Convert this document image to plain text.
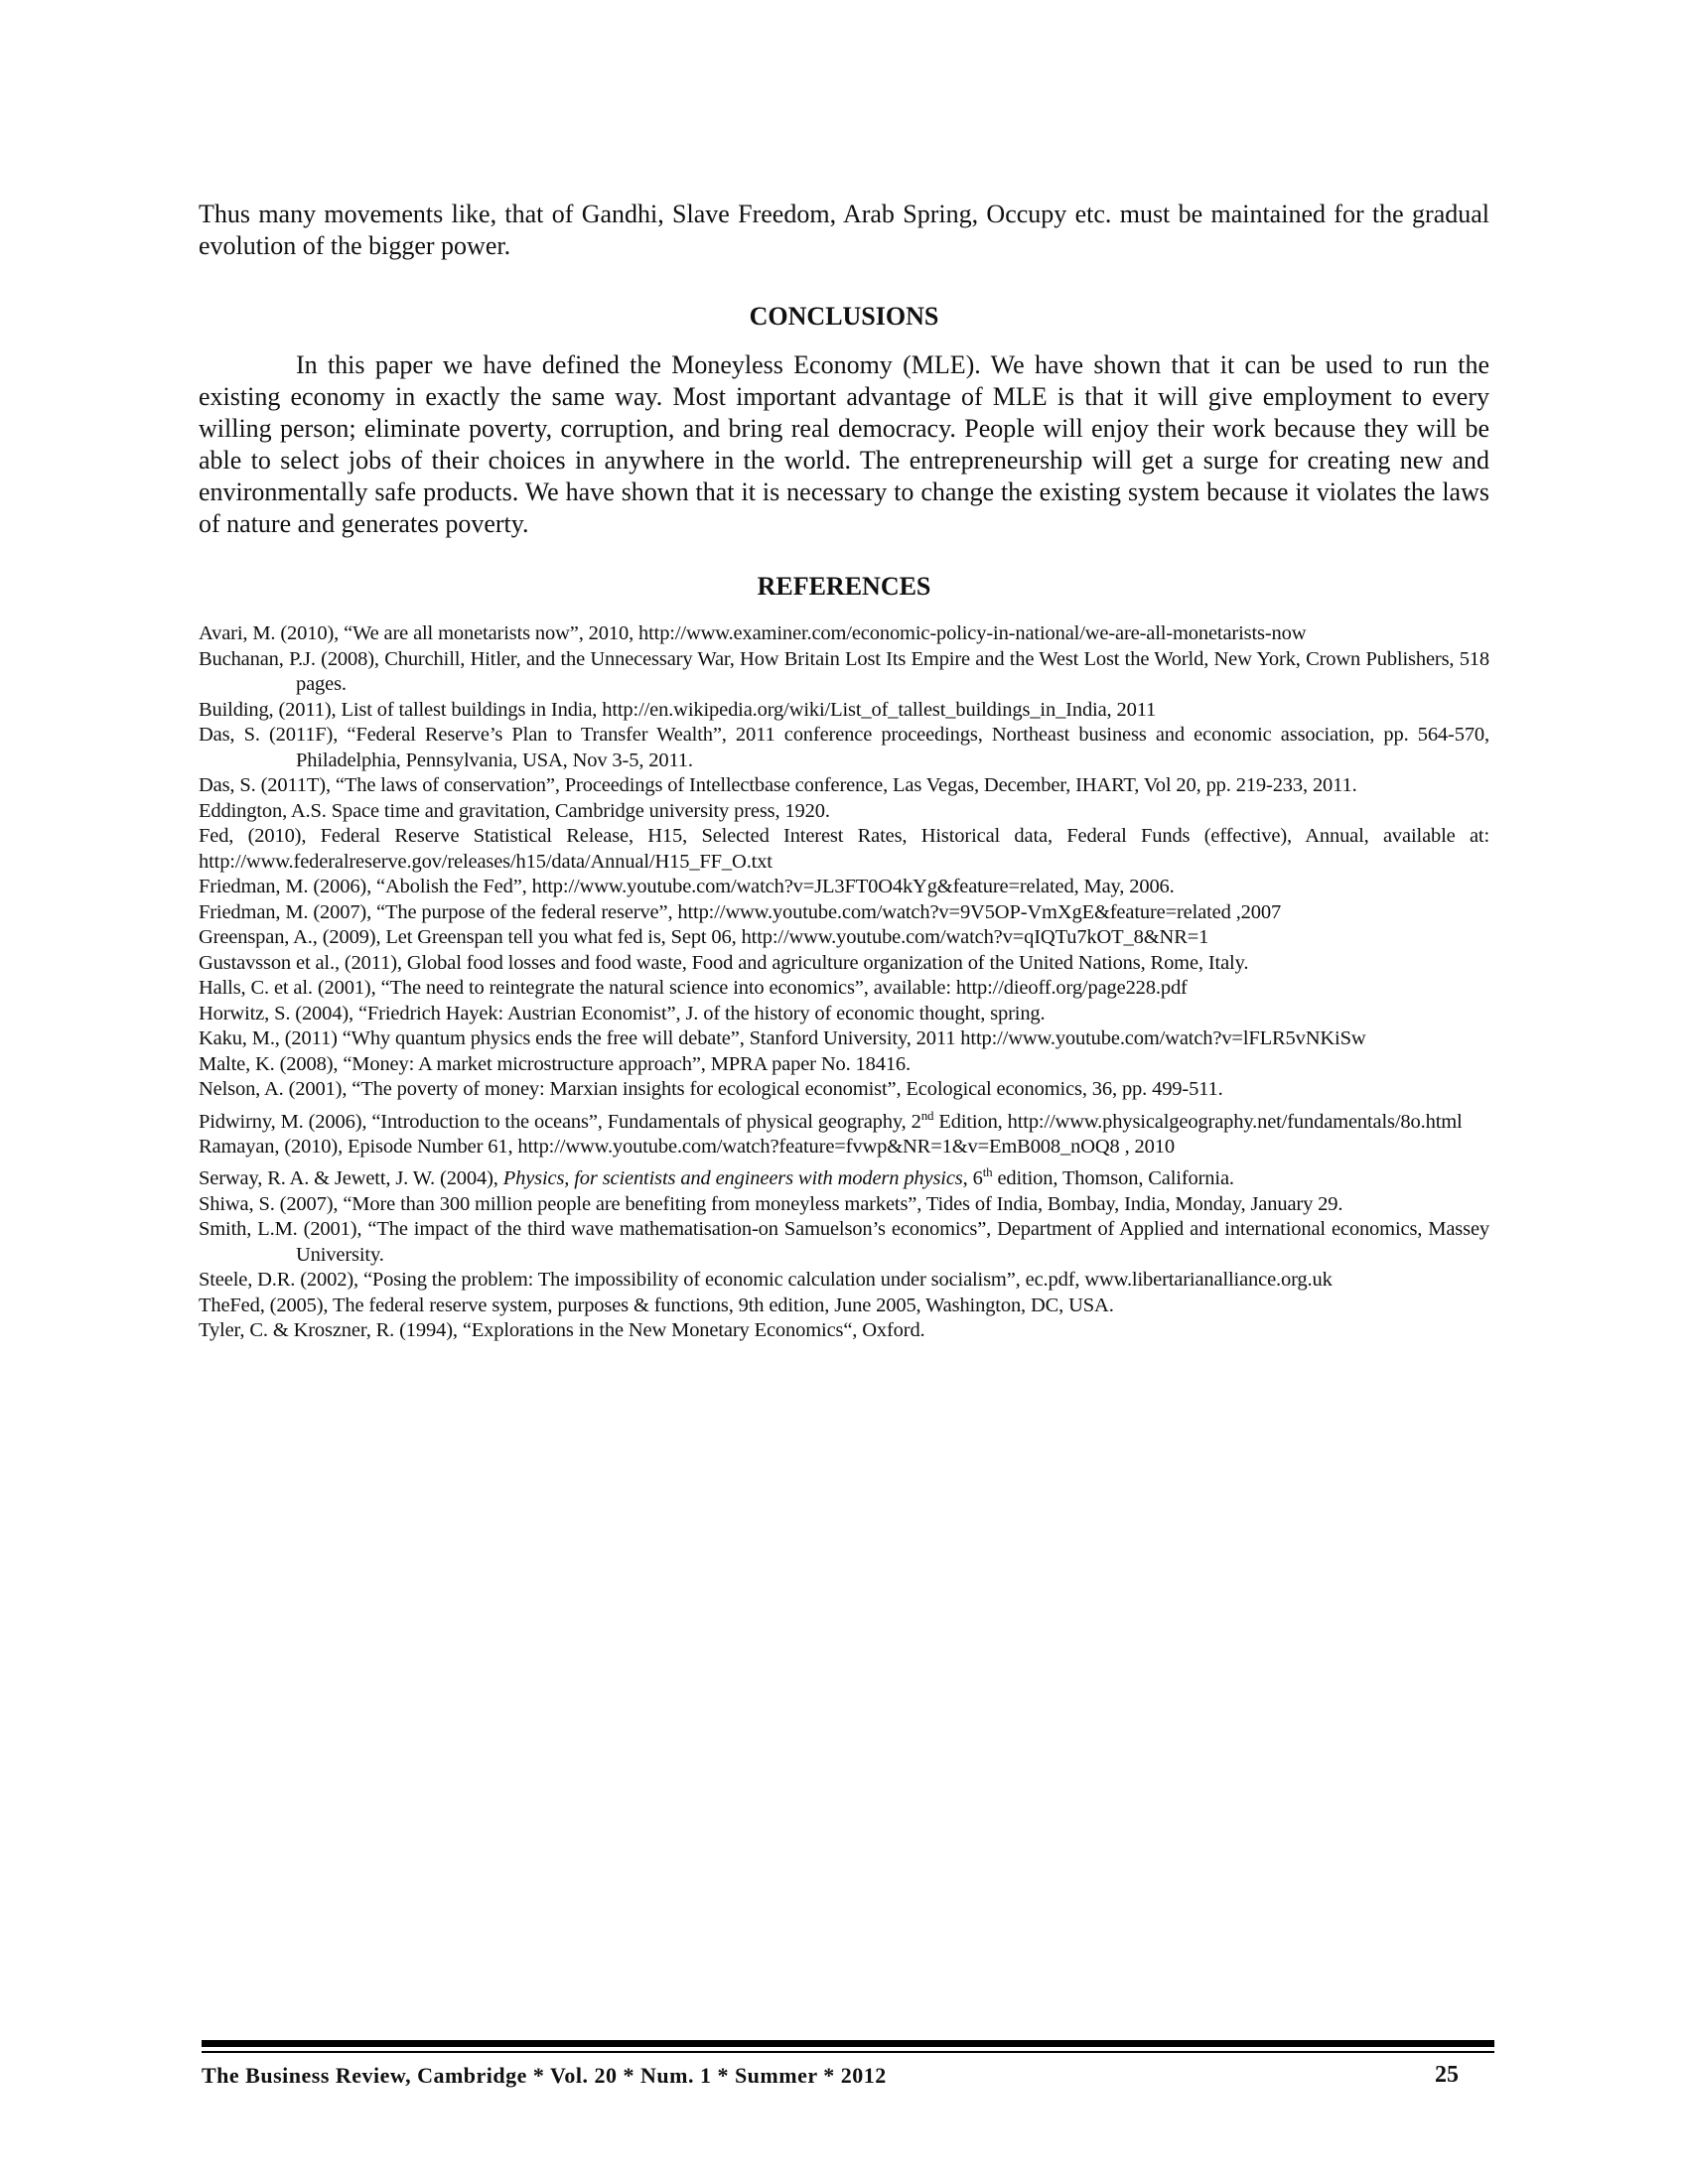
Thus many movements like, that of Gandhi, Slave Freedom, Arab Spring, Occupy etc. must be maintained for the gradual evolution of the bigger power.

CONCLUSIONS

In this paper we have defined the Moneyless Economy (MLE). We have shown that it can be used to run the existing economy in exactly the same way. Most important advantage of MLE is that it will give employment to every willing person; eliminate poverty, corruption, and bring real democracy. People will enjoy their work because they will be able to select jobs of their choices in anywhere in the world. The entrepreneurship will get a surge for creating new and environmentally safe products. We have shown that it is necessary to change the existing system because it violates the laws of nature and generates poverty.

REFERENCES
Avari, M. (2010), “We are all monetarists now”, 2010, http://www.examiner.com/economic-policy-in-national/we-are-all-monetarists-now
Buchanan, P.J. (2008), Churchill, Hitler, and the Unnecessary War, How Britain Lost Its Empire and the West Lost the World, New York, Crown Publishers, 518 pages.
Building, (2011), List of tallest buildings in India, http://en.wikipedia.org/wiki/List_of_tallest_buildings_in_India, 2011
Das, S. (2011F), “Federal Reserve’s Plan to Transfer Wealth”, 2011 conference proceedings, Northeast business and economic association, pp. 564-570, Philadelphia, Pennsylvania, USA, Nov 3-5, 2011.
Das, S. (2011T), “The laws of conservation”, Proceedings of Intellectbase conference, Las Vegas, December, IHART, Vol 20, pp. 219-233, 2011.
Eddington, A.S. Space time and gravitation, Cambridge university press, 1920.
Fed, (2010), Federal Reserve Statistical Release, H15, Selected Interest Rates, Historical data, Federal Funds (effective), Annual, available at: http://www.federalreserve.gov/releases/h15/data/Annual/H15_FF_O.txt
Friedman, M. (2006), “Abolish the Fed”, http://www.youtube.com/watch?v=JL3FT0O4kYg&feature=related, May, 2006.
Friedman, M. (2007), “The purpose of the federal reserve”, http://www.youtube.com/watch?v=9V5OP-VmXgE&feature=related ,2007
Greenspan, A., (2009), Let Greenspan tell you what fed is, Sept 06, http://www.youtube.com/watch?v=qIQTu7kOT_8&NR=1
Gustavsson et al., (2011), Global food losses and food waste, Food and agriculture organization of the United Nations, Rome, Italy.
Halls, C. et al. (2001), “The need to reintegrate the natural science into economics”, available: http://dieoff.org/page228.pdf
Horwitz, S. (2004), “Friedrich Hayek: Austrian Economist”, J. of the history of economic thought, spring.
Kaku, M., (2011) “Why quantum physics ends the free will debate”, Stanford University, 2011 http://www.youtube.com/watch?v=lFLR5vNKiSw
Malte, K. (2008), “Money: A market microstructure approach”, MPRA paper No. 18416.
Nelson, A. (2001), “The poverty of money: Marxian insights for ecological economist”, Ecological economics, 36, pp. 499-511.
Pidwirny, M. (2006), “Introduction to the oceans”, Fundamentals of physical geography, 2nd Edition, http://www.physicalgeography.net/fundamentals/8o.html
Ramayan, (2010), Episode Number 61, http://www.youtube.com/watch?feature=fvwp&NR=1&v=EmB008_nOQ8 , 2010
Serway, R. A. & Jewett, J. W. (2004), Physics, for scientists and engineers with modern physics, 6th edition, Thomson, California.
Shiwa, S. (2007), “More than 300 million people are benefiting from moneyless markets”, Tides of India, Bombay, India, Monday, January 29.
Smith, L.M. (2001), “The impact of the third wave mathematisation-on Samuelson’s economics”, Department of Applied and international economics, Massey University.
Steele, D.R. (2002), “Posing the problem: The impossibility of economic calculation under socialism”, ec.pdf, www.libertarianalliance.org.uk
TheFed, (2005), The federal reserve system, purposes & functions, 9th edition, June 2005, Washington, DC, USA.
Tyler, C. & Kroszner, R. (1994), “Explorations in the New Monetary Economics“, Oxford.
The Business Review, Cambridge * Vol. 20 * Num. 1 * Summer * 2012	25
